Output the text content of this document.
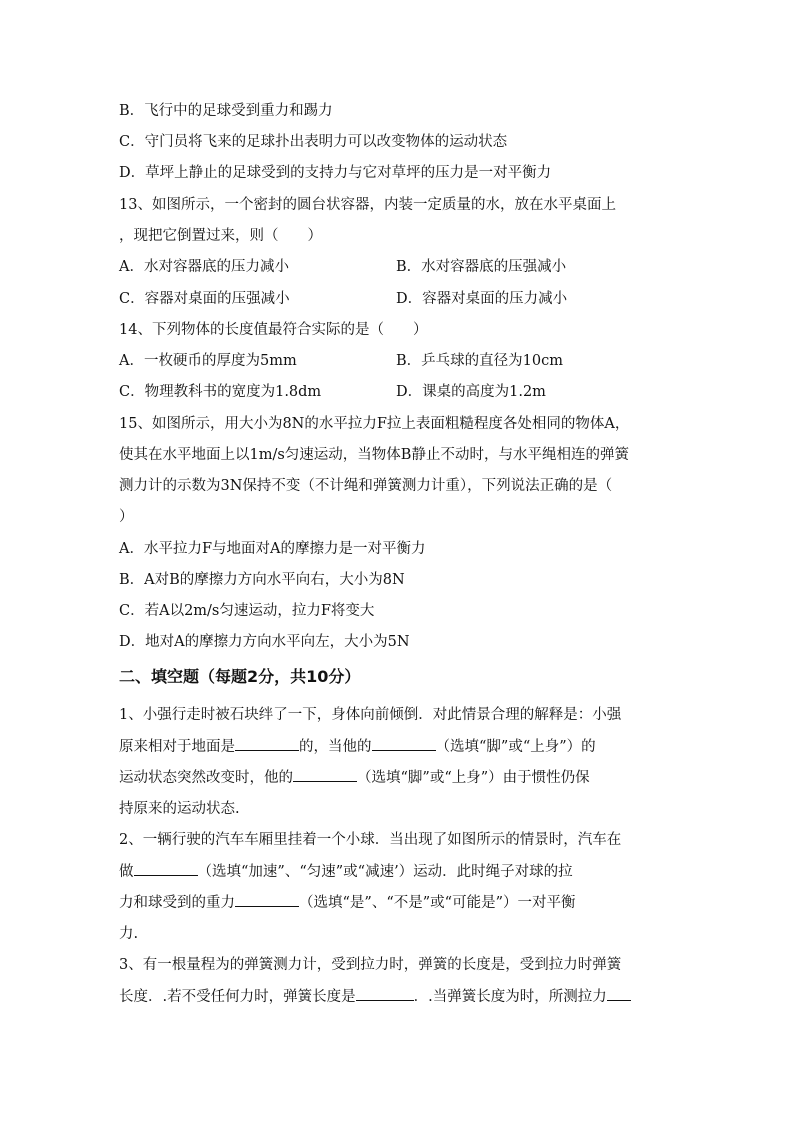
B．飞行中的足球受到重力和踢力
C．守门员将飞来的足球扑出表明力可以改变物体的运动状态
D．草坪上静止的足球受到的支持力与它对草坪的压力是一对平衡力
13、如图所示，一个密封的圆台状容器，内装一定质量的水，放在水平桌面上
，现把它倒置过来，则（　　）
A．水对容器底的压力减小	B．水对容器底的压强减小
C．容器对桌面的压强减小	D．容器对桌面的压力减小
14、下列物体的长度值最符合实际的是（　　）
A．一枚硬币的厚度为5mm	B．乒乓球的直径为10cm
C．物理教科书的宽度为1.8dm	D．课桌的高度为1.2m
15、如图所示，用大小为8N的水平拉力F拉上表面粗糙程度各处相同的物体A，
使其在水平地面上以1m/s匀速运动，当物体B静止不动时，与水平绳相连的弹簧
测力计的示数为3N保持不变（不计绳和弹簧测力计重），下列说法正确的是（
）
A．水平拉力F与地面对A的摩擦力是一对平衡力
B．A对B的摩擦力方向水平向右，大小为8N
C．若A以2m/s匀速运动，拉力F将变大
D．地对A的摩擦力方向水平向左，大小为5N
二、填空题（每题2分，共10分）
1、小强行走时被石块绊了一下，身体向前倾倒．对此情景合理的解释是：小强
原来相对于地面是	的，当他的	（选填“脚”或“上身”）的
运动状态突然改变时，他的	（选填“脚”或“上身”）由于惯性仍保
持原来的运动状态.
2、一辆行驶的汽车车厢里挂着一个小球．当出现了如图所示的情景时，汽车在
做	（选填“加速”、“匀速”或“减速’）运动．此时绳子对球的拉
力和球受到的重力	（选填“是”、“不是”或“可能是”）一对平衡
力.
3、有一根量程为的弹簧测力计，受到拉力时，弹簧的长度是，受到拉力时弹簧
长度．.若不受任何力时，弹簧长度是	．.当弹簧长度为时，所测拉力
